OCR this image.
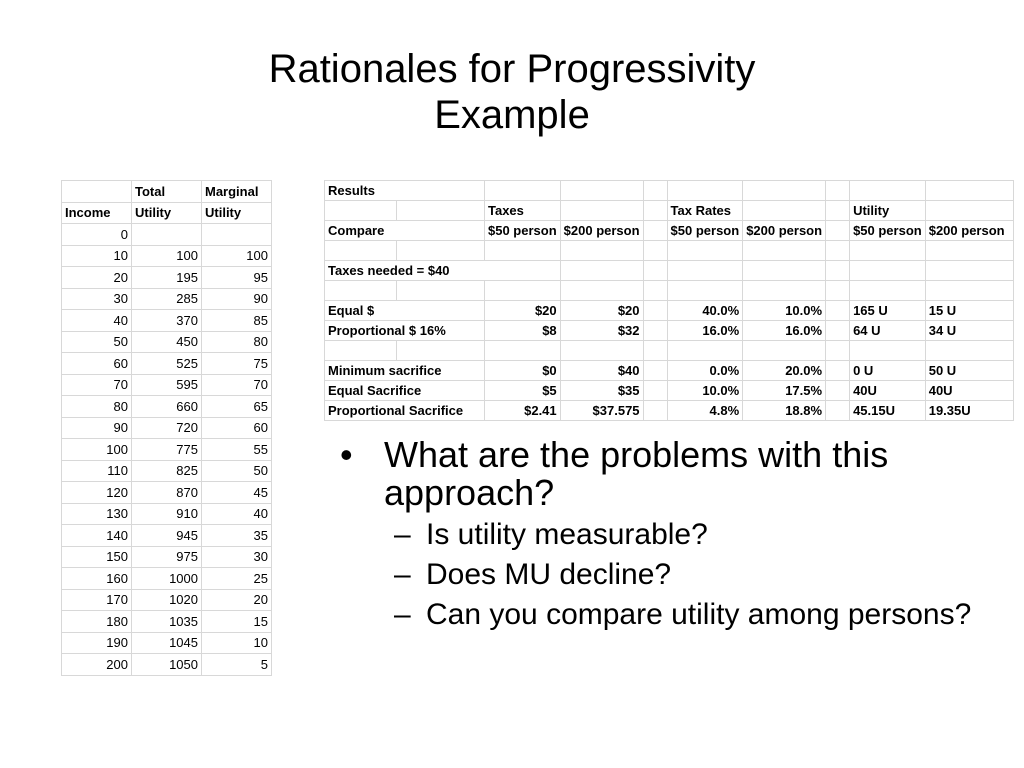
Rationales for Progressivity
Example
	Total	Marginal
Income	Utility	Utility
0		
10	100	100
20	195	95
30	285	90
40	370	85
50	450	80
60	525	75
70	595	70
80	660	65
90	720	60
100	775	55
110	825	50
120	870	45
130	910	40
140	945	35
150	975	30
160	1000	25
170	1020	20
180	1035	15
190	1045	10
200	1050	5
Results									
		Taxes			Tax Rates			Utility	
Compare		$50 person	$200 person		$50 person	$200 person		$50 person	$200 person

Taxes needed = $40									

Equal $		$20	$20		40.0%	10.0%		165 U	15 U
Proportional $ 16%		$8	$32		16.0%	16.0%		64 U	34 U

Minimum sacrifice		$0	$40		0.0%	20.0%		0 U	50 U
Equal Sacrifice		$5	$35		10.0%	17.5%		40U	40U
Proportional Sacrifice		$2.41	$37.575		4.8%	18.8%		45.15U	19.35U
• What are the problems with this approach?
– Is utility measurable?
– Does MU decline?
– Can you compare utility among persons?
